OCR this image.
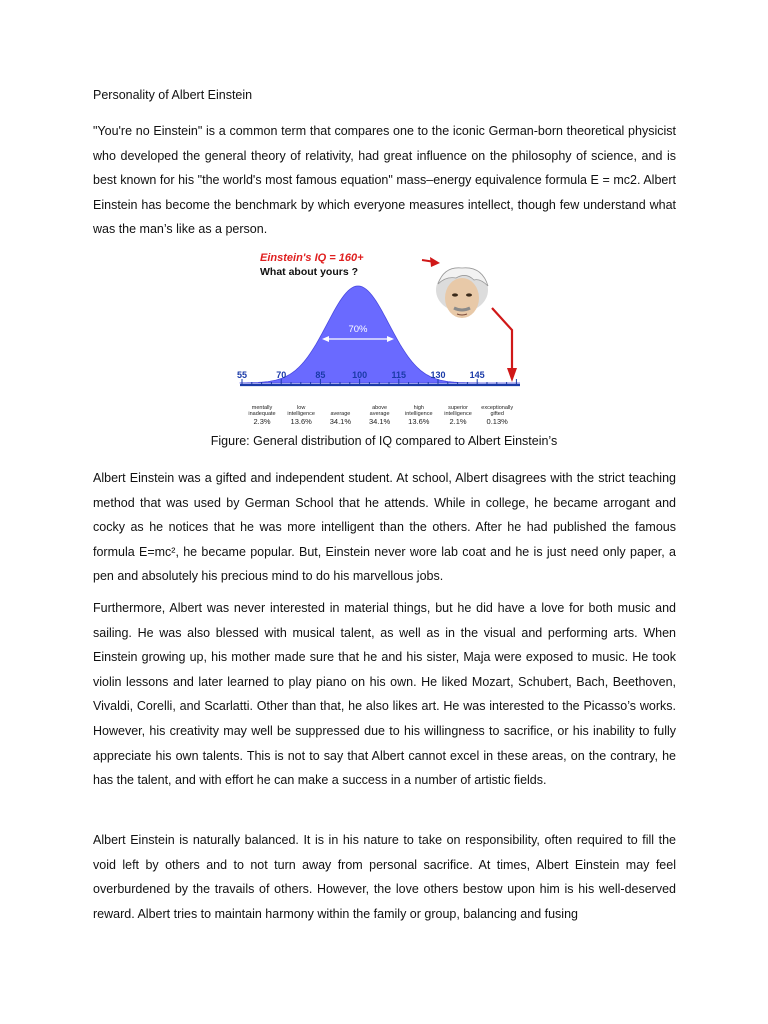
Personality of Albert Einstein

"You're no Einstein" is a common term that compares one to the iconic German-born theoretical physicist who developed the general theory of relativity, had great influence on the philosophy of science, and is best known for his "the world's most famous equation" mass–energy equivalence formula E = mc2. Albert Einstein has become the benchmark by which everyone measures intellect, though few understand what was the man’s like as a person.

Einstein's IQ = 160+
What about yours ?
70%
55	70	85	100	115	130	145
mentally
inadequate
2.3%
low
intelligence
13.6%
average
34.1%
above
average
34.1%
high
intelligence
13.6%
superior
intelligence
2.1%
exceptionally
gifted
0.13%
Figure: General distribution of IQ compared to Albert Einstein’s

Albert Einstein was a gifted and independent student. At school, Albert disagrees with the strict teaching method that was used by German School that he attends. While in college, he became arrogant and cocky as he notices that he was more intelligent than the others. After he had published the famous formula E=mc², he became popular. But, Einstein never wore lab coat and he is just need only paper, a pen and absolutely his precious mind to do his marvellous jobs.

Furthermore, Albert was never interested in material things, but he did have a love for both music and sailing. He was also blessed with musical talent, as well as in the visual and performing arts. When Einstein growing up, his mother made sure that he and his sister, Maja were exposed to music. He took violin lessons and later learned to play piano on his own. He liked Mozart, Schubert, Bach, Beethoven, Vivaldi, Corelli, and Scarlatti. Other than that, he also likes art. He was interested to the Picasso’s works. However, his creativity may well be suppressed due to his willingness to sacrifice, or his inability to fully appreciate his own talents. This is not to say that Albert cannot excel in these areas, on the contrary, he has the talent, and with effort he can make a success in a number of artistic fields.

Albert Einstein is naturally balanced. It is in his nature to take on responsibility, often required to fill the void left by others and to not turn away from personal sacrifice. At times, Albert Einstein may feel overburdened by the travails of others. However, the love others bestow upon him is his well-deserved reward. Albert tries to maintain harmony within the family or group, balancing and fusing
